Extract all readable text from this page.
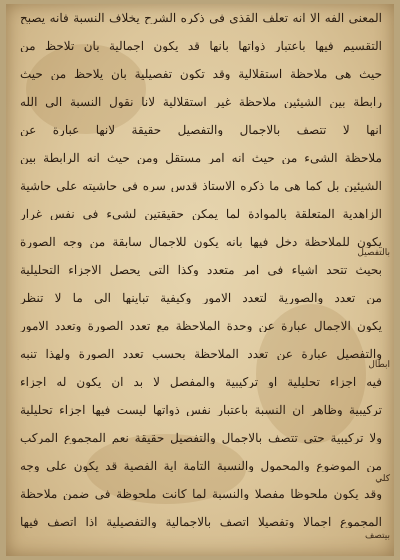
المعنى الفه الا انه تعلف القذى في ذكره الشرح يخلاف النسبة فانه يصبح
التقسيم فيها باعتبار ذواتها بانها قد يكون اجمالية بان تلاحظ من
حيث هي ملاحظة استقلالية وقد تكون تفصيلية بان يلاحظ من حيث
رابطة بين الشيئين ملاحظة غير استقلالية لانا نقول النسبة الى الله
انها لا تتصف بالاجمال والتفصيل حقيقة لانها عبارة عن
ملاحظة الشيء من حيث انه امر مستقل ومن حيث انه الرابطة بين
الشيئين بل كما هي ما ذكره الاستاذ قدس سره في حاشيته على حاشية
الزاهدية المتعلقة بالموادة لما يمكن حقيقتين لشيء في نفس غرار
يكون للملاحظة دخل فيها بانه يكون للاجمال سابقة من وجه الصورة
بحيث تتحد اشياء في امر متعدد وكذا التي يحصل الاجزاء التحليلية
من تعدد والصورية لتعدد الامور وكيفية تباينها الى ما لا تنظر
يكون الاجمال عبارة عن وحدة الملاحظة مع تعدد الصورة وتعدد الامور
والتفصيل عبارة عن تعدد الملاحظة بحسب تعدد الصورة ولهذا تنبه
فيه اجزاء تحليلية او تركيبية والمفصل لا بد ان يكون له اجزاء
تركيبية وظاهر ان النسبة باعتبار نفس ذواتها ليست فيها اجزاء تحليلية
ولا تركيبية حتى تتصف بالاجمال والتفصيل حقيقة نعم المجموع المركب
من الموضوع والمحمول والنسبة التامة اية الفصية قد يكون على وجه
وقد يكون ملحوظا مفصلا والنسبة لما كانت ملحوظة في ضمن ملاحظة
المجموع اجمالا وتفصيلا اتصف بالاجمالية والتفصيلية اذا اتصف فيها
بالتفصيل
ابطال
كلي
بيتصف
